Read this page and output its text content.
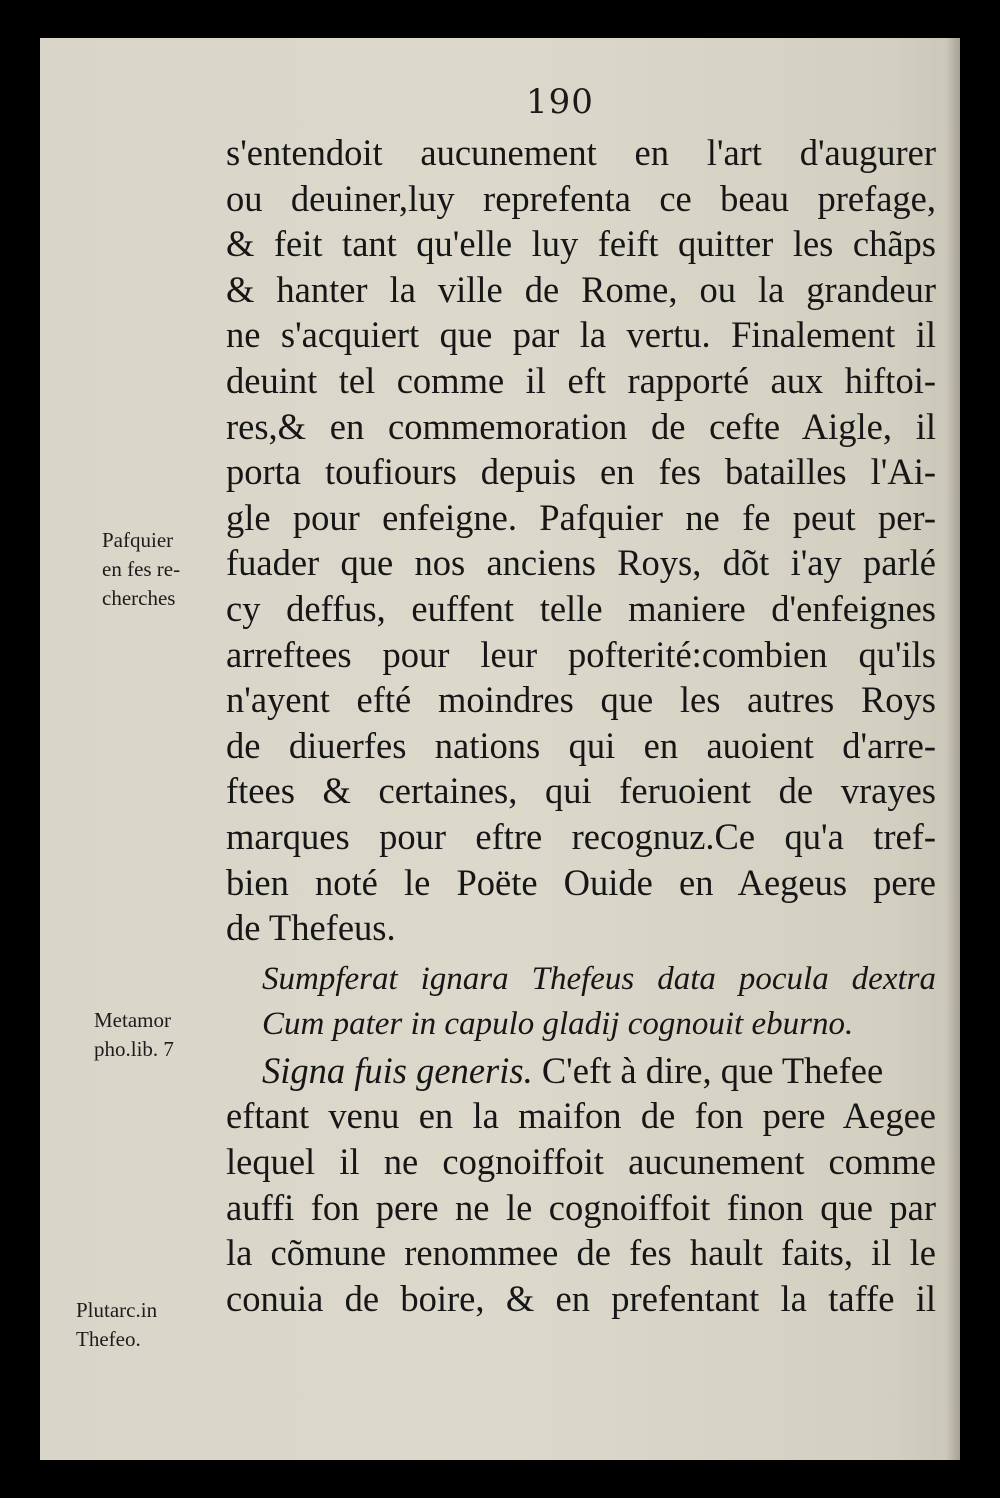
190
s'entendoit aucunement en l'art d'augurer
ou deuiner,luy reprefenta ce beau prefage,
& feit tant qu'elle luy feift quitter les chãps
& hanter la ville de Rome, ou la grandeur
ne s'acquiert que par la vertu. Finalement il
deuint tel comme il eft rapporté aux hiftoi-
res,& en commemoration de cefte Aigle, il
porta toufiours depuis en fes batailles l'Ai-
gle pour enfeigne. Pafquier ne fe peut per-
fuader que nos anciens Roys, dõt i'ay parlé
cy deffus, euffent telle maniere d'enfeignes
arreftees pour leur pofterité:combien qu'ils
n'ayent efté moindres que les autres Roys
de diuerfes nations qui en auoient d'arre-
ftees & certaines, qui feruoient de vrayes
marques pour eftre recognuz.Ce qu'a tref-
bien noté le Poëte Ouide en Aegeus pere
de Thefeus.
Sumpferat ignara Thefeus data pocula dextra
Cum pater in capulo gladij cognouit eburno.
Signa fuis generis. C'eft à dire, que Thefee
eftant venu en la maifon de fon pere Aegee
lequel il ne cognoiffoit aucunement comme
auffi fon pere ne le cognoiffoit finon que par
la cõmune renommee de fes hault faits, il le
conuia de boire, & en prefentant la taffe il
Pafquier
en fes re-
cherches
Metamor
pho.lib. 7
Plutarc.in
Thefeo.
